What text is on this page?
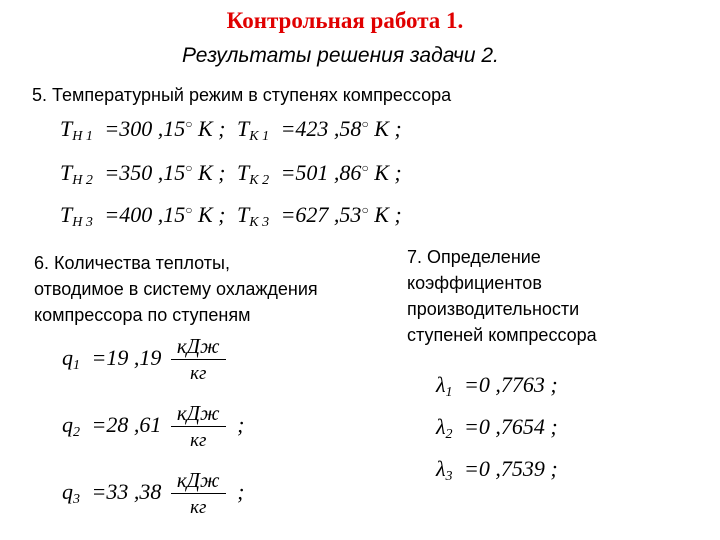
Контрольная работа 1.
Результаты решения задачи 2.
5. Температурный режим в ступенях компрессора
$T_{H 1} =300$ ,15○ K ; $T_{K 1} =423$ ,58○ K ;
$T_{H 2} =350$ ,15○ K ; $T_{K 2} =501$ ,86○ K ;
$T_{H 3} =400$ ,15○ K ; $T_{K 3} =627$ ,53○ K ;
6. Количества теплоты,
отводимое в систему охлаждения
компрессора по ступеням
$q_1 =19$ $,19 \frac{\text{кДж}}{кг}$
$q_2 =28$ $,61 \frac{\text{кДж}}{кг}$ ;
$q_3 =33$ $,38 \frac{\text{кДж}}{кг}$ ;
7. Определение
коэффициентов
производительности
ступеней компрессора
$\lambda_1 =0$ ,7763 ;
$\lambda_2 =0$ ,7654 ;
$\lambda_3 =0$ ,7539 ;
